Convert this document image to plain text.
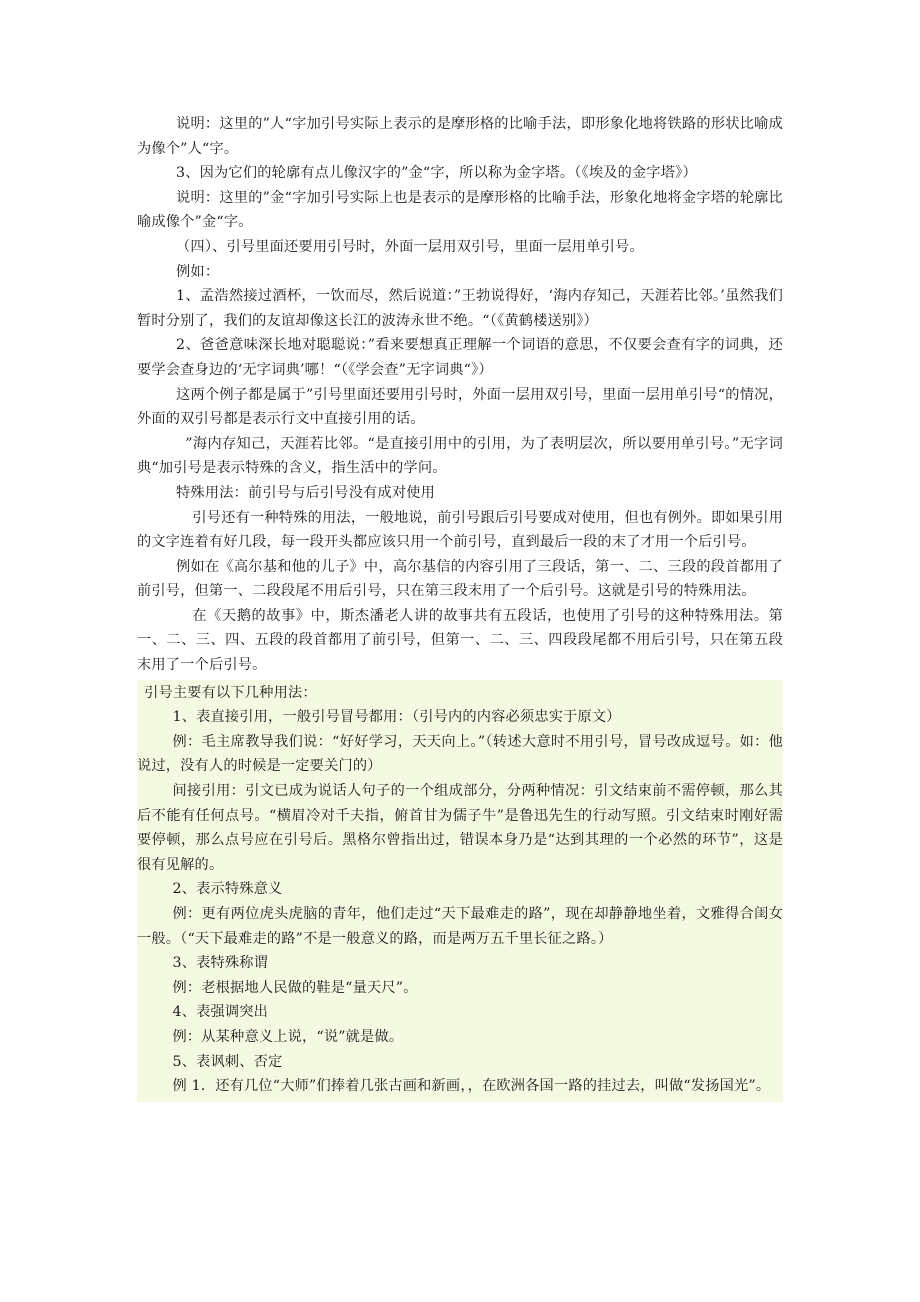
说明：这里的”人“字加引号实际上表示的是摩形格的比喻手法，即形象化地将铁路的形状比喻成为像个”人“字。

3、因为它们的轮廓有点儿像汉字的”金“字，所以称为金字塔。（《埃及的金字塔》）

说明：这里的”金“字加引号实际上也是表示的是摩形格的比喻手法，形象化地将金字塔的轮廓比喻成像个”金“字。

（四）、引号里面还要用引号时，外面一层用双引号，里面一层用单引号。

例如：

1、孟浩然接过酒杯，一饮而尽，然后说道：”王勃说得好，‘海内存知己，天涯若比邻。’虽然我们暂时分别了，我们的友谊却像这长江的波涛永世不绝。“（《黄鹤楼送别》）

2、爸爸意味深长地对聪聪说：”看来要想真正理解一个词语的意思，不仅要会查有字的词典，还要学会查身边的‘无字词典’哪！“（《学会查”无字词典“》）

这两个例子都是属于”引号里面还要用引号时，外面一层用双引号，里面一层用单引号“的情况，外面的双引号都是表示行文中直接引用的话。

”海内存知己，天涯若比邻。“是直接引用中的引用，为了表明层次，所以要用单引号。”无字词典“加引号是表示特殊的含义，指生活中的学问。

特殊用法：前引号与后引号没有成对使用

引号还有一种特殊的用法，一般地说，前引号跟后引号要成对使用，但也有例外。即如果引用的文字连着有好几段，每一段开头都应该只用一个前引号，直到最后一段的末了才用一个后引号。

例如在《高尔基和他的儿子》中，高尔基信的内容引用了三段话，第一、二、三段的段首都用了前引号，但第一、二段段尾不用后引号，只在第三段末用了一个后引号。这就是引号的特殊用法。

在《天鹅的故事》中，斯杰潘老人讲的故事共有五段话，也使用了引号的这种特殊用法。第一、二、三、四、五段的段首都用了前引号，但第一、二、三、四段段尾都不用后引号，只在第五段末用了一个后引号。

引号主要有以下几种用法：

1、表直接引用，一般引号冒号都用：（引号内的内容必须忠实于原文）

例：毛主席教导我们说：“好好学习，天天向上。”（转述大意时不用引号，冒号改成逗号。如：他说过，没有人的时候是一定要关门的）

间接引用：引文已成为说话人句子的一个组成部分，分两种情况：引文结束前不需停顿，那么其后不能有任何点号。“横眉冷对千夫指，俯首甘为儒子牛”是鲁迅先生的行动写照。引文结束时刚好需要停顿，那么点号应在引号后。黑格尔曾指出过，错误本身乃是“达到其理的一个必然的环节”，这是很有见解的。

2、表示特殊意义

例：更有两位虎头虎脑的青年，他们走过“天下最难走的路”，现在却静静地坐着，文雅得合闺女一般。（“天下最难走的路”不是一般意义的路，而是两万五千里长征之路。）

3、表特殊称谓

例：老根据地人民做的鞋是“量天尺”。

4、表强调突出

例：从某种意义上说，“说”就是做。

5、表讽刺、否定

例 1．还有几位“大师”们捧着几张古画和新画，，在欧洲各国一路的挂过去，叫做“发扬国光”。
